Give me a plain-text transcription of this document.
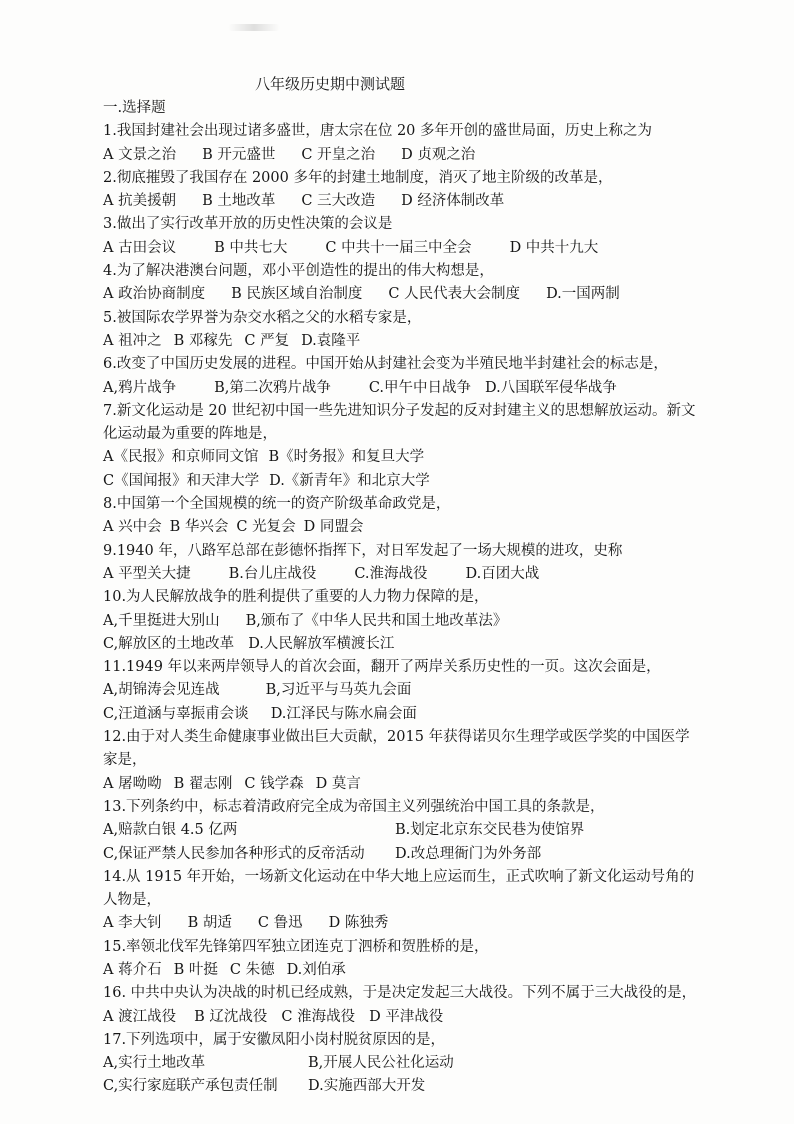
八年级历史期中测试题
一.选择题
1.我国封建社会出现过诸多盛世，唐太宗在位 20 多年开创的盛世局面，历史上称之为
A 文景之治 B 开元盛世 C 开皇之治 D 贞观之治
2.彻底摧毁了我国存在 2000 多年的封建土地制度，消灭了地主阶级的改革是，
A 抗美援朝 B 土地改革 C 三大改造 D 经济体制改革
3.做出了实行改革开放的历史性决策的会议是
A 古田会议	B 中共七大	C 中共十一届三中全会	D 中共十九大
4.为了解决港澳台问题，邓小平创造性的提出的伟大构想是，
A 政治协商制度 B 民族区域自治制度 C 人民代表大会制度 D.一国两制
5.被国际农学界誉为杂交水稻之父的水稻专家是，
A 祖冲之 B 邓稼先 C 严复 D.袁隆平
6.改变了中国历史发展的进程。中国开始从封建社会变为半殖民地半封建社会的标志是，
A,鸦片战争	B,第二次鸦片战争	C.甲午中日战争 D.八国联军侵华战争
7.新文化运动是 20 世纪初中国一些先进知识分子发起的反对封建主义的思想解放运动。新文化运动最为重要的阵地是，
A《民报》和京师同文馆 B《时务报》和复旦大学
C《国闻报》和天津大学 D.《新青年》和北京大学
8.中国第一个全国规模的统一的资产阶级革命政党是，
A 兴中会 B 华兴会 C 光复会 D 同盟会
9.1940 年，八路军总部在彭德怀指挥下，对日军发起了一场大规模的进攻，史称
A 平型关大捷	B.台儿庄战役	C.淮海战役	D.百团大战
10.为人民解放战争的胜利提供了重要的人力物力保障的是，
A,千里挺进大别山 B,颁布了《中华人民共和国土地改革法》
C,解放区的土地改革 D.人民解放军横渡长江
11.1949 年以来两岸领导人的首次会面，翻开了两岸关系历史性的一页。这次会面是，
A,胡锦涛会见连战	B,习近平与马英九会面
C,汪道涵与辜振甫会谈 D.江泽民与陈水扁会面
12.由于对人类生命健康事业做出巨大贡献，2015 年获得诺贝尔生理学或医学奖的中国医学家是，
A 屠呦呦 B 翟志刚 C 钱学森 D 莫言
13.下列条约中，标志着清政府完全成为帝国主义列强统治中国工具的条款是，
A,赔款白银 4.5 亿两	B.划定北京东交民巷为使馆界
C,保证严禁人民参加各种形式的反帝活动	D.改总理衙门为外务部
14.从 1915 年开始，一场新文化运动在中华大地上应运而生，正式吹响了新文化运动号角的人物是，
A 李大钊 B 胡适 C 鲁迅 D 陈独秀
15.率领北伐军先锋第四军独立团连克丁泗桥和贺胜桥的是，
A 蒋介石 B 叶挺 C 朱德 D.刘伯承
16. 中共中央认为决战的时机已经成熟，于是决定发起三大战役。下列不属于三大战役的是，
A 渡江战役 B 辽沈战役 C 淮海战役 D 平津战役
17.下列选项中，属于安徽凤阳小岗村脱贫原因的是，
A,实行土地改革	B,开展人民公社化运动
C,实行家庭联产承包责任制	D.实施西部大开发
